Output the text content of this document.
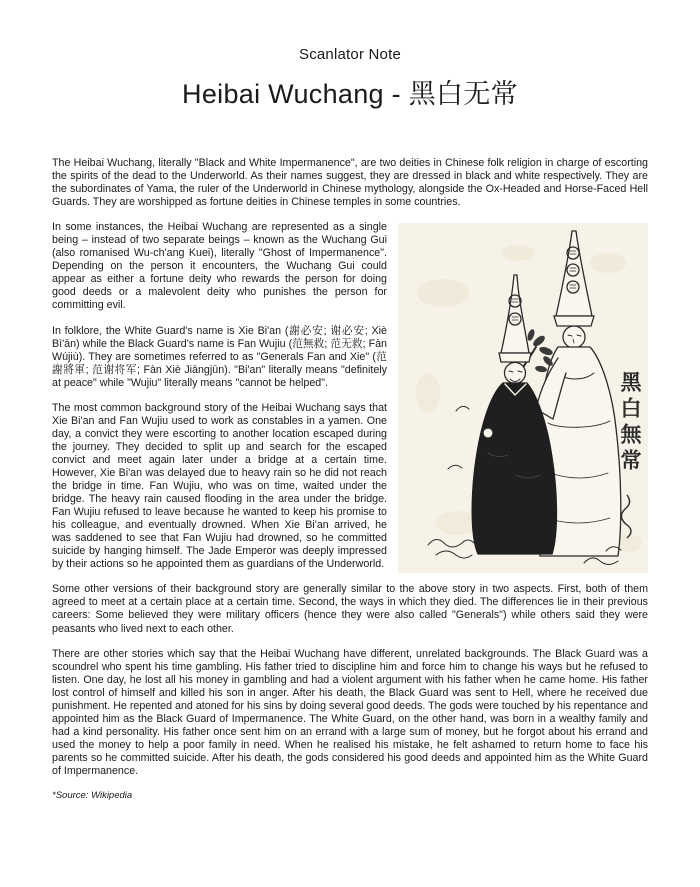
Scanlator Note
Heibai Wuchang - 黑白无常

The Heibai Wuchang, literally "Black and White Impermanence", are two deities in Chinese folk religion in charge of escorting the spirits of the dead to the Underworld. As their names suggest, they are dressed in black and white respectively. They are the subordinates of Yama, the ruler of the Underworld in Chinese mythology, alongside the Ox-Headed and Horse-Faced Hell Guards. They are worshipped as fortune deities in Chinese temples in some countries.

In some instances, the Heibai Wuchang are represented as a single being – instead of two separate beings – known as the Wuchang Gui (also romanised Wu-ch'ang Kuei), literally "Ghost of Impermanence". Depending on the person it encounters, the Wuchang Gui could appear as either a fortune deity who rewards the person for doing good deeds or a malevolent deity who punishes the person for committing evil.

In folklore, the White Guard's name is Xie Bi'an (謝必安; 谢必安; Xiè Bì'ān) while the Black Guard's name is Fan Wujiu (范無救; 范无救; Fàn Wújiù). They are sometimes referred to as "Generals Fan and Xie" (范謝將軍; 范谢将军; Fàn Xiè Jiāngjūn). "Bi'an" literally means "definitely at peace" while "Wujiu" literally means "cannot be helped".

The most common background story of the Heibai Wuchang says that Xie Bi'an and Fan Wujiu used to work as constables in a yamen. One day, a convict they were escorting to another location escaped during the journey. They decided to split up and search for the escaped convict and meet again later under a bridge at a certain time. However, Xie Bi'an was delayed due to heavy rain so he did not reach the bridge in time. Fan Wujiu, who was on time, waited under the bridge. The heavy rain caused flooding in the area under the bridge. Fan Wujiu refused to leave because he wanted to keep his promise to his colleague, and eventually drowned. When Xie Bi'an arrived, he was saddened to see that Fan Wujiu had drowned, so he committed suicide by hanging himself. The Jade Emperor was deeply impressed by their actions so he appointed them as guardians of the Underworld.

黑白無常

Some other versions of their background story are generally similar to the above story in two aspects. First, both of them agreed to meet at a certain place at a certain time. Second, the ways in which they died. The differences lie in their previous careers: Some believed they were military officers (hence they were also called "Generals") while others said they were peasants who lived next to each other.

There are other stories which say that the Heibai Wuchang have different, unrelated backgrounds. The Black Guard was a scoundrel who spent his time gambling. His father tried to discipline him and force him to change his ways but he refused to listen. One day, he lost all his money in gambling and had a violent argument with his father when he came home. His father lost control of himself and killed his son in anger. After his death, the Black Guard was sent to Hell, where he received due punishment. He repented and atoned for his sins by doing several good deeds. The gods were touched by his repentance and appointed him as the Black Guard of Impermanence. The White Guard, on the other hand, was born in a wealthy family and had a kind personality. His father once sent him on an errand with a large sum of money, but he forgot about his errand and used the money to help a poor family in need. When he realised his mistake, he felt ashamed to return home to face his parents so he committed suicide. After his death, the gods considered his good deeds and appointed him as the White Guard of Impermanence.

*Source: Wikipedia
